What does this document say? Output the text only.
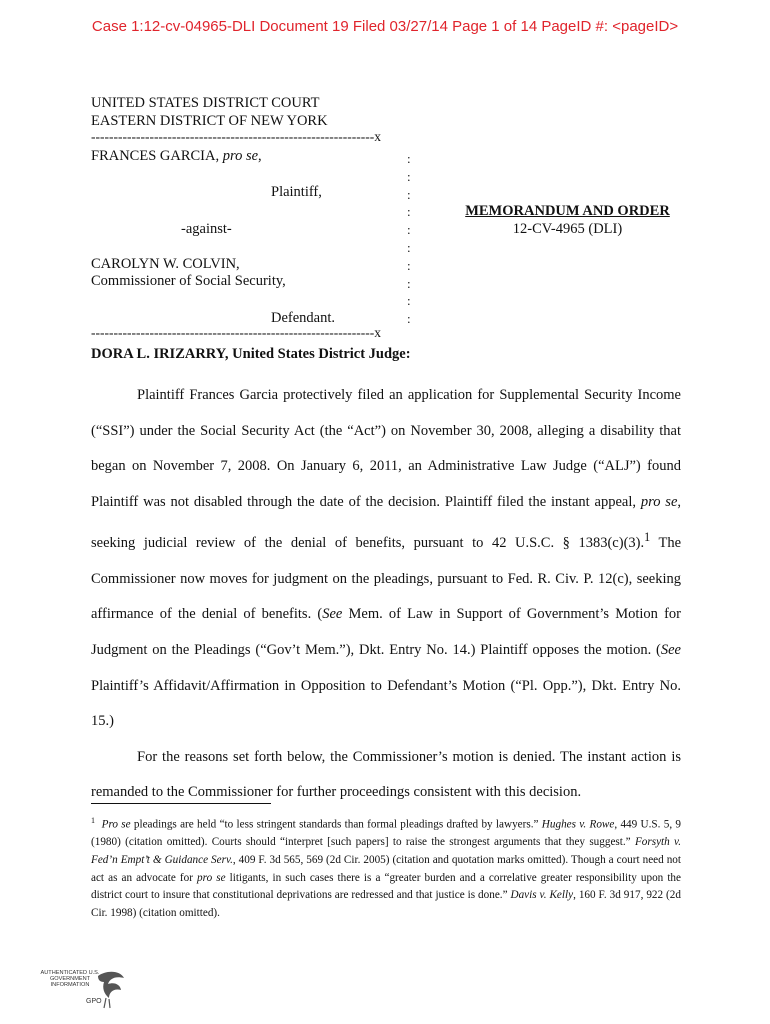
Case 1:12-cv-04965-DLI Document 19 Filed 03/27/14 Page 1 of 14 PageID #: <pageID>
UNITED STATES DISTRICT COURT
EASTERN DISTRICT OF NEW YORK
---------------------------------------------------------------x
FRANCES GARCIA, pro se,
Plaintiff,
-against-
CAROLYN W. COLVIN,
Commissioner of Social Security,
Defendant.
:
:
:
:
:
:
:
:
:
:
---------------------------------------------------------------x
MEMORANDUM AND ORDER
12-CV-4965 (DLI)
DORA L. IRIZARRY, United States District Judge:

Plaintiff Frances Garcia protectively filed an application for Supplemental Security Income (“SSI”) under the Social Security Act (the “Act”) on November 30, 2008, alleging a disability that began on November 7, 2008. On January 6, 2011, an Administrative Law Judge (“ALJ”) found Plaintiff was not disabled through the date of the decision. Plaintiff filed the instant appeal, pro se, seeking judicial review of the denial of benefits, pursuant to 42 U.S.C. § 1383(c)(3).$^1$ The Commissioner now moves for judgment on the pleadings, pursuant to Fed. R. Civ. P. 12(c), seeking affirmance of the denial of benefits. (See Mem. of Law in Support of Government’s Motion for Judgment on the Pleadings (“Gov’t Mem.”), Dkt. Entry No. 14.) Plaintiff opposes the motion. (See Plaintiff’s Affidavit/Affirmation in Opposition to Defendant’s Motion (“Pl. Opp.”), Dkt. Entry No. 15.)

For the reasons set forth below, the Commissioner’s motion is denied. The instant action is remanded to the Commissioner for further proceedings consistent with this decision.

$^1$ Pro se pleadings are held “to less stringent standards than formal pleadings drafted by lawyers.” Hughes v. Rowe, 449 U.S. 5, 9 (1980) (citation omitted). Courts should “interpret [such papers] to raise the strongest arguments that they suggest.” Forsyth v. Fed’n Empt’t & Guidance Serv., 409 F. 3d 565, 569 (2d Cir. 2005) (citation and quotation marks omitted). Though a court need not act as an advocate for pro se litigants, in such cases there is a “greater burden and a correlative greater responsibility upon the district court to insure that constitutional deprivations are redressed and that justice is done.” Davis v. Kelly, 160 F. 3d 917, 922 (2d Cir. 1998) (citation omitted).
AUTHENTICATED U.S. GOVERNMENT INFORMATION
GPO
